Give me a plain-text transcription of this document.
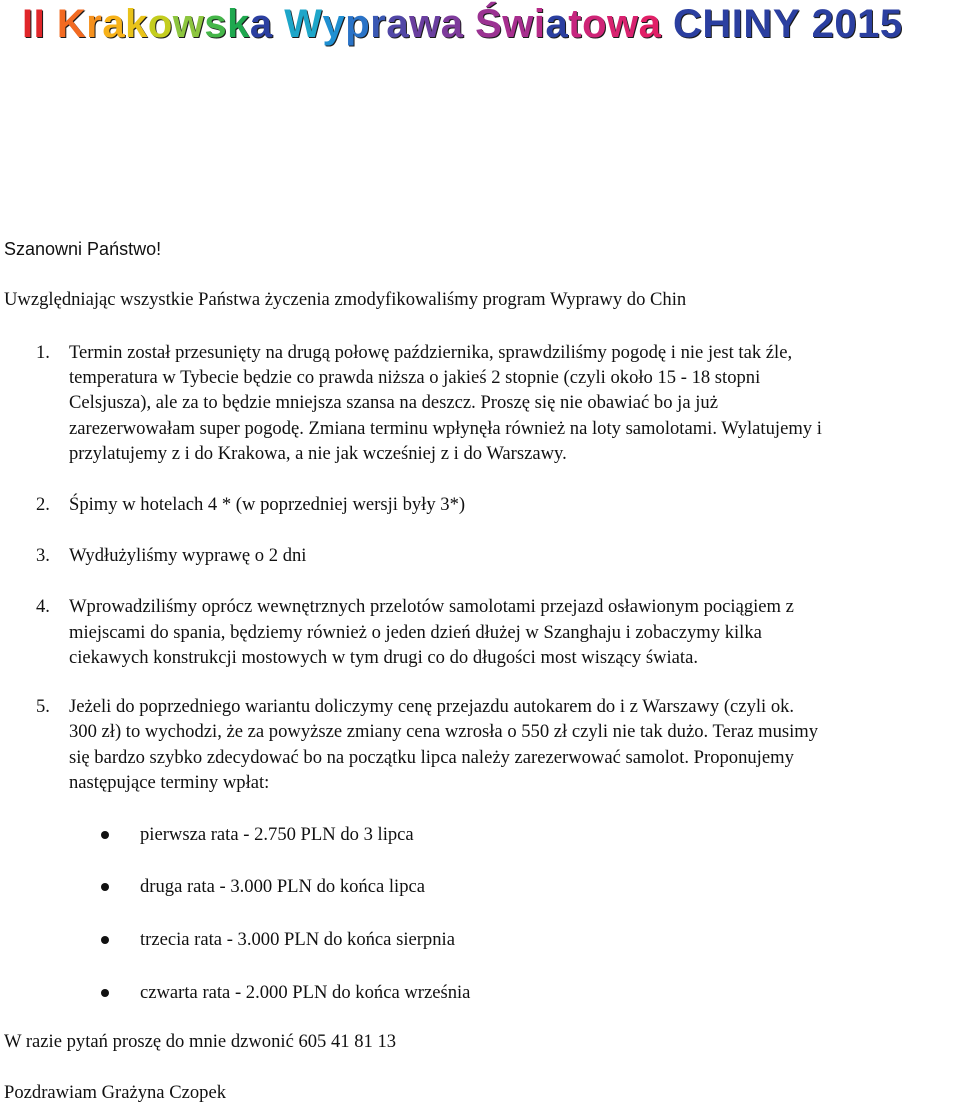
II Krakowska Wyprawa Światowa CHINY 2015
Szanowni Państwo!
Uwzględniając wszystkie Państwa życzenia zmodyfikowaliśmy program Wyprawy do Chin
1. Termin został przesunięty na drugą połowę października, sprawdziliśmy pogodę i nie jest tak źle,
temperatura w Tybecie będzie co prawda niższa o jakieś 2 stopnie (czyli około 15 - 18 stopni
Celsjusza), ale za to będzie mniejsza szansa na deszcz. Proszę się nie obawiać bo ja już
zarezerwowałam super pogodę. Zmiana terminu wpłynęła również na loty samolotami. Wylatujemy i
przylatujemy z i do Krakowa, a nie jak wcześniej z i do Warszawy.
2. Śpimy w hotelach 4 * (w poprzedniej wersji były 3*)
3. Wydłużyliśmy wyprawę o 2 dni
4. Wprowadziliśmy oprócz wewnętrznych przelotów samolotami przejazd osławionym pociągiem z
miejscami do spania, będziemy również o jeden dzień dłużej w Szanghaju i zobaczymy kilka
ciekawych konstrukcji mostowych w tym drugi co do długości most wiszący świata.
5. Jeżeli do poprzedniego wariantu doliczymy cenę przejazdu autokarem do i z Warszawy (czyli ok.
300 zł) to wychodzi, że za powyższe zmiany cena wzrosła o 550 zł czyli nie tak dużo. Teraz musimy
się bardzo szybko zdecydować bo na początku lipca należy zarezerwować samolot. Proponujemy
następujące terminy wpłat:
pierwsza rata - 2.750 PLN do 3 lipca
druga rata - 3.000 PLN do końca lipca
trzecia rata - 3.000 PLN do końca sierpnia
czwarta rata - 2.000 PLN do końca września
W razie pytań proszę do mnie dzwonić 605 41 81 13
Pozdrawiam Grażyna Czopek
